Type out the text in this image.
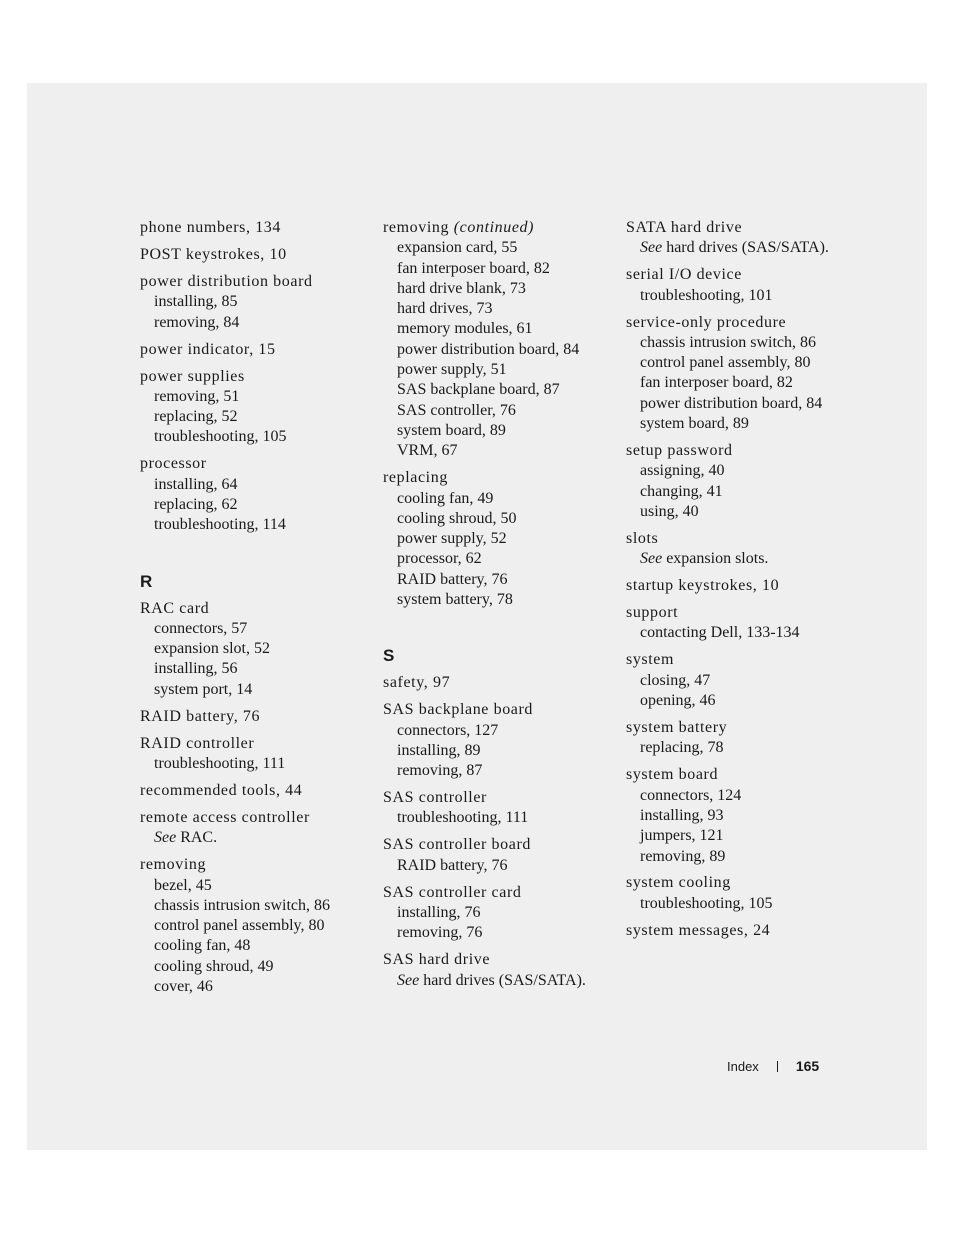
phone numbers, 134
POST keystrokes, 10
power distribution board
installing, 85
removing, 84
power indicator, 15
power supplies
removing, 51
replacing, 52
troubleshooting, 105
processor
installing, 64
replacing, 62
troubleshooting, 114
R
RAC card
connectors, 57
expansion slot, 52
installing, 56
system port, 14
RAID battery, 76
RAID controller
troubleshooting, 111
recommended tools, 44
remote access controller
See RAC.
removing
bezel, 45
chassis intrusion switch, 86
control panel assembly, 80
cooling fan, 48
cooling shroud, 49
cover, 46
removing (continued)
expansion card, 55
fan interposer board, 82
hard drive blank, 73
hard drives, 73
memory modules, 61
power distribution board, 84
power supply, 51
SAS backplane board, 87
SAS controller, 76
system board, 89
VRM, 67
replacing
cooling fan, 49
cooling shroud, 50
power supply, 52
processor, 62
RAID battery, 76
system battery, 78
S
safety, 97
SAS backplane board
connectors, 127
installing, 89
removing, 87
SAS controller
troubleshooting, 111
SAS controller board
RAID battery, 76
SAS controller card
installing, 76
removing, 76
SAS hard drive
See hard drives (SAS/SATA).
SATA hard drive
See hard drives (SAS/SATA).
serial I/O device
troubleshooting, 101
service-only procedure
chassis intrusion switch, 86
control panel assembly, 80
fan interposer board, 82
power distribution board, 84
system board, 89
setup password
assigning, 40
changing, 41
using, 40
slots
See expansion slots.
startup keystrokes, 10
support
contacting Dell, 133-134
system
closing, 47
opening, 46
system battery
replacing, 78
system board
connectors, 124
installing, 93
jumpers, 121
removing, 89
system cooling
troubleshooting, 105
system messages, 24
Index	165
